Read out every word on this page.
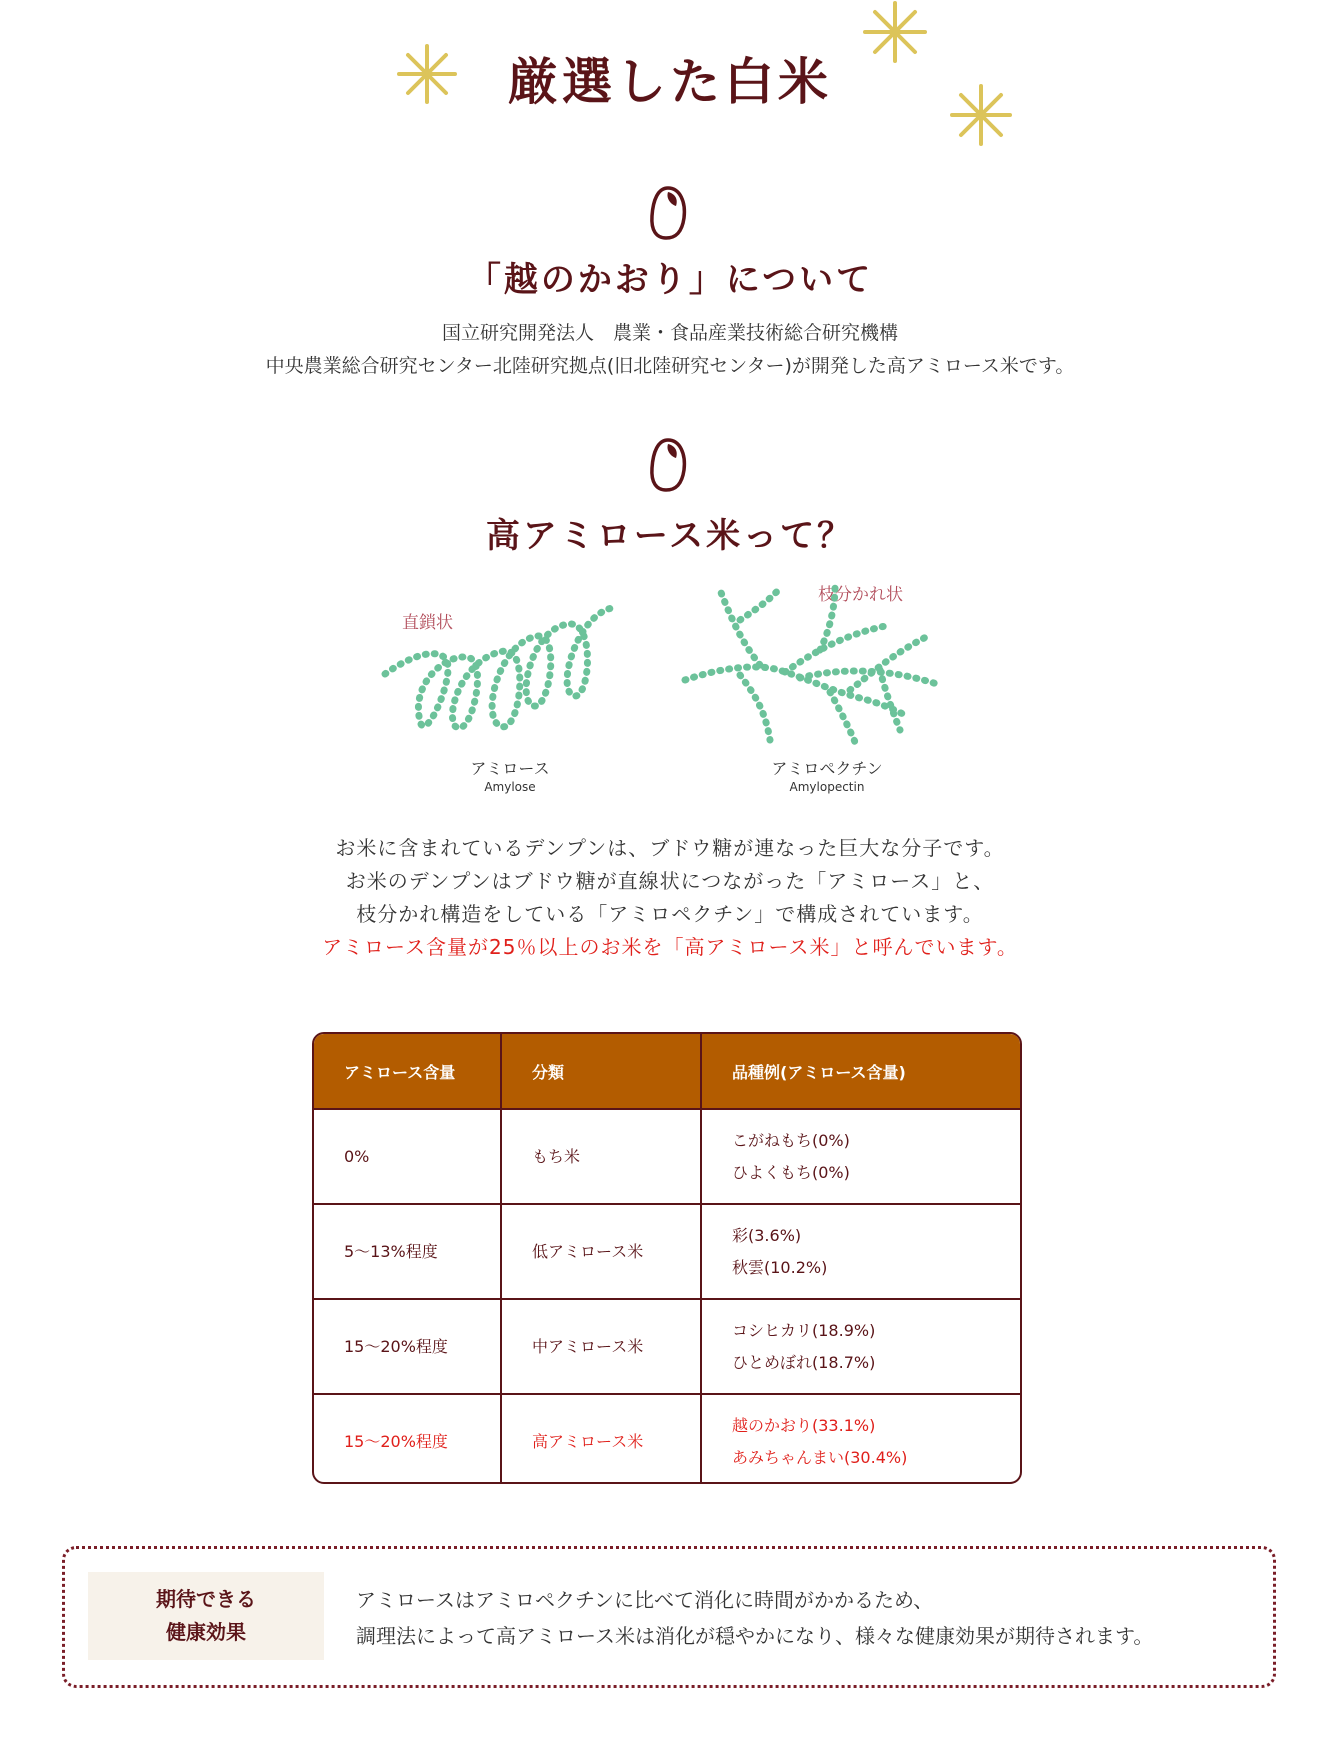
厳選した白米
「越のかおり」について
国立研究開発法人　農業・食品産業技術総合研究機構
中央農業総合研究センター北陸研究拠点(旧北陸研究センター)が開発した高アミロース米です。
高アミロース米って？
直鎖状
アミロース
Amylose
枝分かれ状
アミロペクチン
Amylopectin
お米に含まれているデンプンは、ブドウ糖が連なった巨大な分子です。
お米のデンプンはブドウ糖が直線状につながった「アミロース」と、
枝分かれ構造をしている「アミロペクチン」で構成されています。
アミロース含量が25％以上のお米を「高アミロース米」と呼んでいます。
アミロース含量	分類	品種例(アミロース含量)
0%	もち米	こがねもち(0%)
ひよくもち(0%)

5～13%程度	低アミロース米	彩(3.6%)
秋雲(10.2%)

15～20%程度	中アミロース米	コシヒカリ(18.9%)
ひとめぼれ(18.7%)

15～20%程度	高アミロース米	越のかおり(33.1%)
あみちゃんまい(30.4%)
期待できる
健康効果
アミロースはアミロペクチンに比べて消化に時間がかかるため、
調理法によって高アミロース米は消化が穏やかになり、様々な健康効果が期待されます。
